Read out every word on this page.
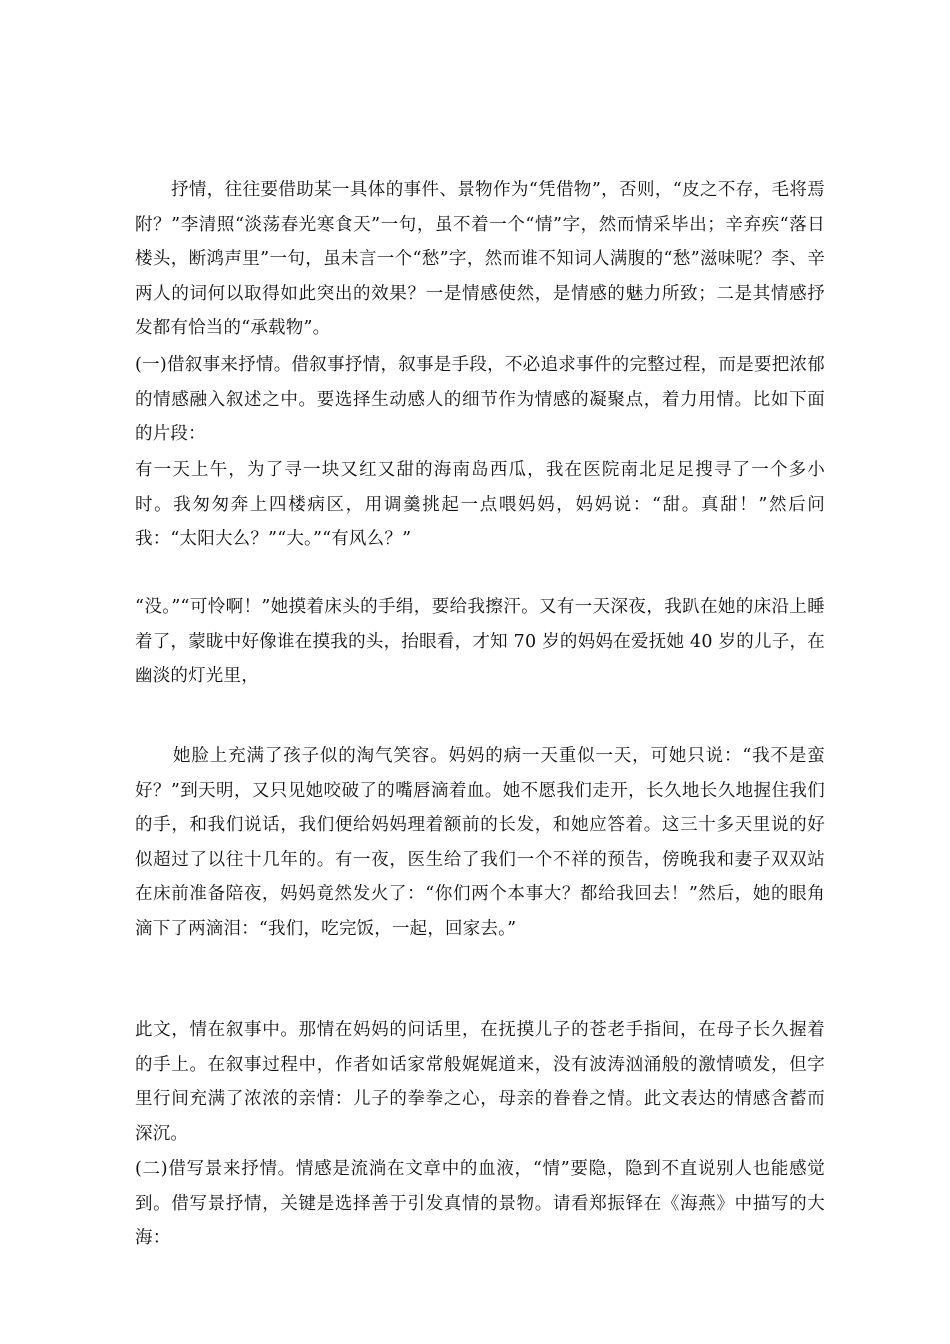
抒情，往往要借助某一具体的事件、景物作为“凭借物”，否则，“皮之不存，毛将焉附？”李清照“淡荡春光寒食天”一句，虽不着一个“情”字，然而情采毕出；辛弃疾“落日楼头，断鸿声里”一句，虽未言一个“愁”字，然而谁不知词人满腹的“愁”滋味呢？李、辛两人的词何以取得如此突出的效果？一是情感使然，是情感的魅力所致；二是其情感抒发都有恰当的“承载物”。

(一)借叙事来抒情。借叙事抒情，叙事是手段，不必追求事件的完整过程，而是要把浓郁的情感融入叙述之中。要选择生动感人的细节作为情感的凝聚点，着力用情。比如下面的片段：

有一天上午，为了寻一块又红又甜的海南岛西瓜，我在医院南北足足搜寻了一个多小时。我匆匆奔上四楼病区，用调羹挑起一点喂妈妈，妈妈说：“甜。真甜！”然后问我：“太阳大么？”“大。”“有风么？”

“没。”“可怜啊！”她摸着床头的手绢，要给我擦汗。又有一天深夜，我趴在她的床沿上睡着了，蒙眬中好像谁在摸我的头，抬眼看，才知 70 岁的妈妈在爱抚她 40 岁的儿子，在幽淡的灯光里，

她脸上充满了孩子似的淘气笑容。妈妈的病一天重似一天，可她只说：“我不是蛮好？”到天明，又只见她咬破了的嘴唇滴着血。她不愿我们走开，长久地长久地握住我们的手，和我们说话，我们便给妈妈理着额前的长发，和她应答着。这三十多天里说的好似超过了以往十几年的。有一夜，医生给了我们一个不祥的预告，傍晚我和妻子双双站在床前准备陪夜，妈妈竟然发火了：“你们两个本事大？都给我回去！”然后，她的眼角滴下了两滴泪：“我们，吃完饭，一起，回家去。”

此文，情在叙事中。那情在妈妈的问话里，在抚摸儿子的苍老手指间，在母子长久握着的手上。在叙事过程中，作者如话家常般娓娓道来，没有波涛汹涌般的激情喷发，但字里行间充满了浓浓的亲情：儿子的拳拳之心，母亲的眷眷之情。此文表达的情感含蓄而深沉。

(二)借写景来抒情。情感是流淌在文章中的血液，“情”要隐，隐到不直说别人也能感觉到。借写景抒情，关键是选择善于引发真情的景物。请看郑振铎在《海燕》中描写的大海：
